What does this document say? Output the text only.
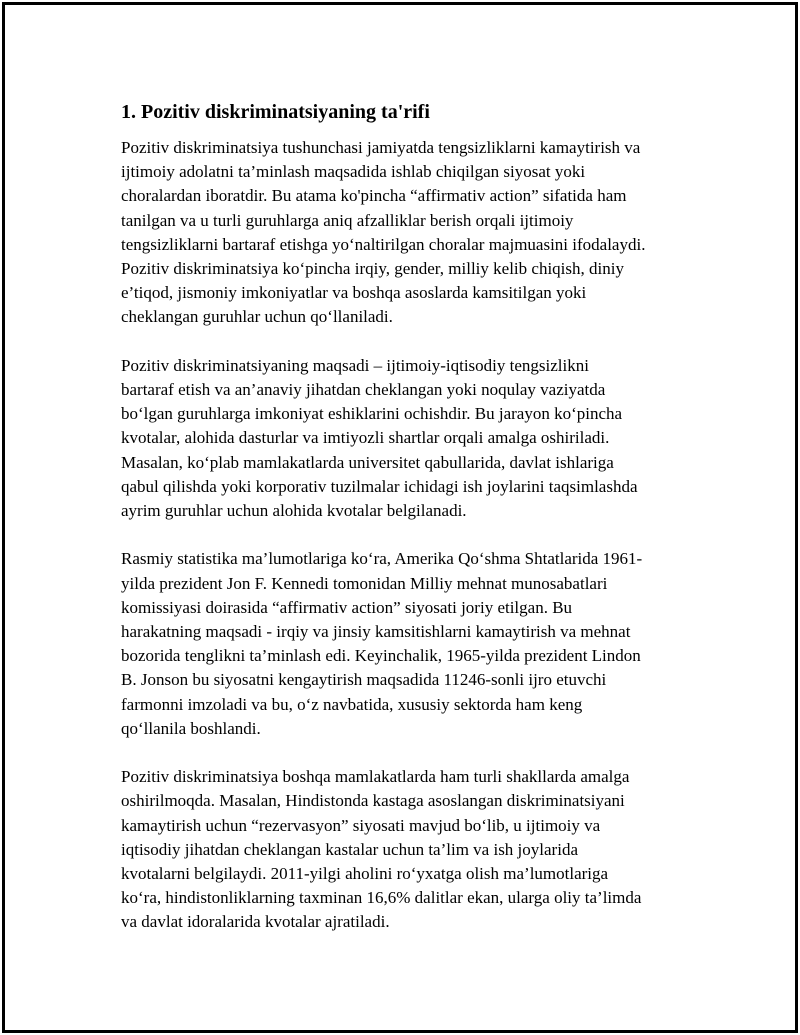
1. Pozitiv diskriminatsiyaning ta'rifi

Pozitiv diskriminatsiya tushunchasi jamiyatda tengsizliklarni kamaytirish va
ijtimoiy adolatni ta’minlash maqsadida ishlab chiqilgan siyosat yoki
choralardan iboratdir. Bu atama ko'pincha “affirmativ action” sifatida ham
tanilgan va u turli guruhlarga aniq afzalliklar berish orqali ijtimoiy
tengsizliklarni bartaraf etishga yo‘naltirilgan choralar majmuasini ifodalaydi.
Pozitiv diskriminatsiya ko‘pincha irqiy, gender, milliy kelib chiqish, diniy
e’tiqod, jismoniy imkoniyatlar va boshqa asoslarda kamsitilgan yoki
cheklangan guruhlar uchun qo‘llaniladi.

Pozitiv diskriminatsiyaning maqsadi – ijtimoiy-iqtisodiy tengsizlikni
bartaraf etish va an’anaviy jihatdan cheklangan yoki noqulay vaziyatda
bo‘lgan guruhlarga imkoniyat eshiklarini ochishdir. Bu jarayon ko‘pincha
kvotalar, alohida dasturlar va imtiyozli shartlar orqali amalga oshiriladi.
Masalan, ko‘plab mamlakatlarda universitet qabullarida, davlat ishlariga
qabul qilishda yoki korporativ tuzilmalar ichidagi ish joylarini taqsimlashda
ayrim guruhlar uchun alohida kvotalar belgilanadi.

Rasmiy statistika ma’lumotlariga ko‘ra, Amerika Qo‘shma Shtatlarida 1961-
yilda prezident Jon F. Kennedi tomonidan Milliy mehnat munosabatlari
komissiyasi doirasida “affirmativ action” siyosati joriy etilgan. Bu
harakatning maqsadi - irqiy va jinsiy kamsitishlarni kamaytirish va mehnat
bozorida tenglikni ta’minlash edi. Keyinchalik, 1965-yilda prezident Lindon
B. Jonson bu siyosatni kengaytirish maqsadida 11246-sonli ijro etuvchi
farmonni imzoladi va bu, o‘z navbatida, xususiy sektorda ham keng
qo‘llanila boshlandi.

Pozitiv diskriminatsiya boshqa mamlakatlarda ham turli shakllarda amalga
oshirilmoqda. Masalan, Hindistonda kastaga asoslangan diskriminatsiyani
kamaytirish uchun “rezervasyon” siyosati mavjud bo‘lib, u ijtimoiy va
iqtisodiy jihatdan cheklangan kastalar uchun ta’lim va ish joylarida
kvotalarni belgilaydi. 2011-yilgi aholini ro‘yxatga olish ma’lumotlariga
ko‘ra, hindistonliklarning taxminan 16,6% dalitlar ekan, ularga oliy ta’limda
va davlat idoralarida kvotalar ajratiladi.
